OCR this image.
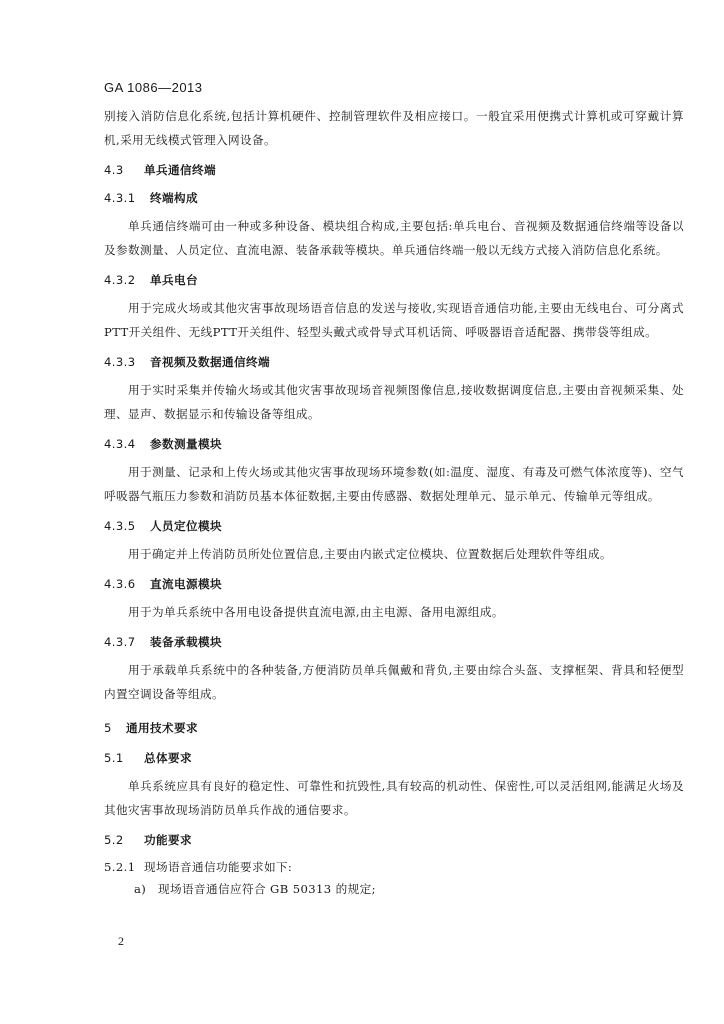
GA 1086—2013

别接入消防信息化系统,包括计算机硬件、控制管理软件及相应接口。一般宜采用便携式计算机或可穿戴计算机,采用无线模式管理入网设备。

4.3 单兵通信终端

4.3.1 终端构成

单兵通信终端可由一种或多种设备、模块组合构成,主要包括:单兵电台、音视频及数据通信终端等设备以及参数测量、人员定位、直流电源、装备承载等模块。单兵通信终端一般以无线方式接入消防信息化系统。

4.3.2 单兵电台

用于完成火场或其他灾害事故现场语音信息的发送与接收,实现语音通信功能,主要由无线电台、可分离式PTT开关组件、无线PTT开关组件、轻型头戴式或骨导式耳机话筒、呼吸器语音适配器、携带袋等组成。

4.3.3 音视频及数据通信终端

用于实时采集并传输火场或其他灾害事故现场音视频图像信息,接收数据调度信息,主要由音视频采集、处理、显声、数据显示和传输设备等组成。

4.3.4 参数测量模块

用于测量、记录和上传火场或其他灾害事故现场环境参数(如:温度、湿度、有毒及可燃气体浓度等)、空气呼吸器气瓶压力参数和消防员基本体征数据,主要由传感器、数据处理单元、显示单元、传输单元等组成。

4.3.5 人员定位模块

用于确定并上传消防员所处位置信息,主要由内嵌式定位模块、位置数据后处理软件等组成。

4.3.6 直流电源模块

用于为单兵系统中各用电设备提供直流电源,由主电源、备用电源组成。

4.3.7 装备承载模块

用于承载单兵系统中的各种装备,方便消防员单兵佩戴和背负,主要由综合头盔、支撑框架、背具和轻便型内置空调设备等组成。

5 通用技术要求

5.1 总体要求

单兵系统应具有良好的稳定性、可靠性和抗毁性,具有较高的机动性、保密性,可以灵活组网,能满足火场及其他灾害事故现场消防员单兵作战的通信要求。

5.2 功能要求

5.2.1 现场语音通信功能要求如下:

a) 现场语音通信应符合 GB 50313 的规定;

2
